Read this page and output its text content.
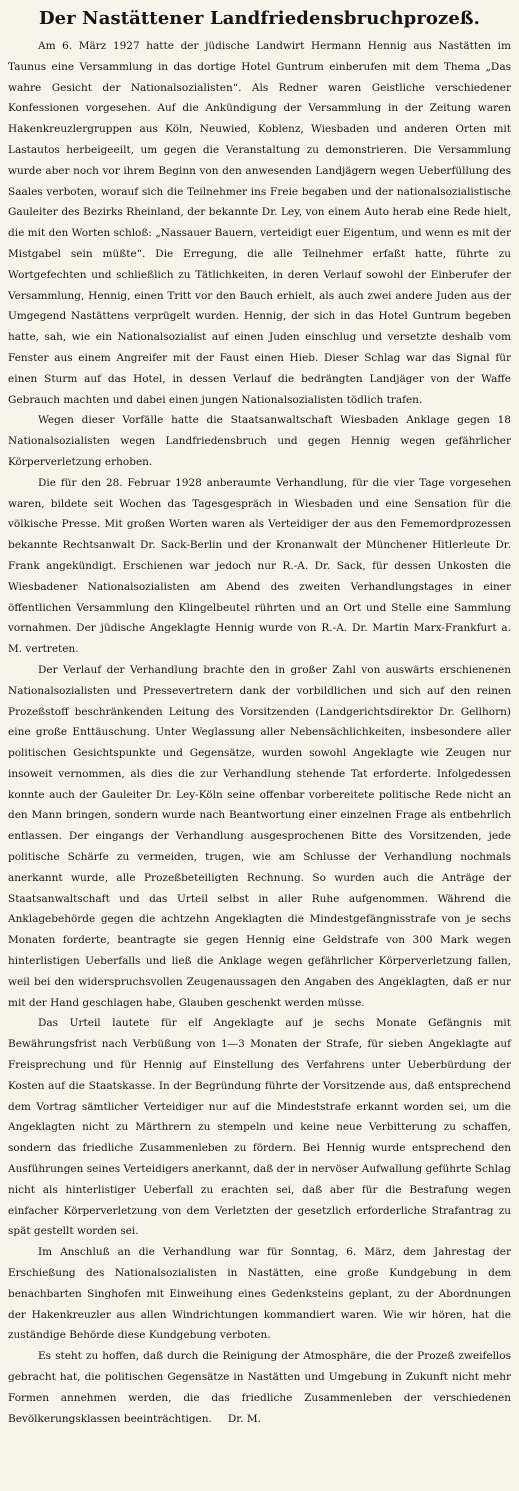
Der Nastättener Landfriedensbruchprozeß.

Am 6. März 1927 hatte der jüdische Landwirt Hermann Hennig aus Nastätten im Taunus eine Versammlung in das dortige Hotel Guntrum einberufen mit dem Thema „Das wahre Gesicht der Nationalsozialisten“. Als Redner waren Geistliche verschiedener Konfessionen vorgesehen. Auf die Ankündigung der Versammlung in der Zeitung waren Hakenkreuzlergruppen aus Köln, Neuwied, Koblenz, Wiesbaden und anderen Orten mit Lastautos herbeigeeilt, um gegen die Veranstaltung zu demonstrieren. Die Versammlung wurde aber noch vor ihrem Beginn von den anwesenden Landjägern wegen Ueberfüllung des Saales verboten, worauf sich die Teilnehmer ins Freie begaben und der nationalsozialistische Gauleiter des Bezirks Rheinland, der bekannte Dr. Ley, von einem Auto herab eine Rede hielt, die mit den Worten schloß: „Nassauer Bauern, verteidigt euer Eigentum, und wenn es mit der Mistgabel sein müßte“. Die Erregung, die alle Teilnehmer erfaßt hatte, führte zu Wortgefechten und schließlich zu Tätlichkeiten, in deren Verlauf sowohl der Einberufer der Versammlung, Hennig, einen Tritt vor den Bauch erhielt, als auch zwei andere Juden aus der Umgegend Nastättens verprügelt wurden. Hennig, der sich in das Hotel Guntrum begeben hatte, sah, wie ein Nationalsozialist auf einen Juden einschlug und versetzte deshalb vom Fenster aus einem Angreifer mit der Faust einen Hieb. Dieser Schlag war das Signal für einen Sturm auf das Hotel, in dessen Verlauf die bedrängten Landjäger von der Waffe Gebrauch machten und dabei einen jungen Nationalsozialisten tödlich trafen.

Wegen dieser Vorfälle hatte die Staatsanwaltschaft Wiesbaden Anklage gegen 18 Nationalsozialisten wegen Landfriedensbruch und gegen Hennig wegen gefährlicher Körperverletzung erhoben.

Die für den 28. Februar 1928 anberaumte Verhandlung, für die vier Tage vorgesehen waren, bildete seit Wochen das Tagesgespräch in Wiesbaden und eine Sensation für die völkische Presse. Mit großen Worten waren als Verteidiger der aus den Fememordprozessen bekannte Rechtsanwalt Dr. Sack-Berlin und der Kronanwalt der Münchener Hitlerleute Dr. Frank angekündigt. Erschienen war jedoch nur R.-A. Dr. Sack, für dessen Unkosten die Wiesbadener Nationalsozialisten am Abend des zweiten Verhandlungstages in einer öffentlichen Versammlung den Klingelbeutel rührten und an Ort und Stelle eine Sammlung vornahmen. Der jüdische Angeklagte Hennig wurde von R.-A. Dr. Martin Marx-Frankfurt a. M. vertreten.

Der Verlauf der Verhandlung brachte den in großer Zahl von auswärts erschienenen Nationalsozialisten und Pressevertretern dank der vorbildlichen und sich auf den reinen Prozeßstoff beschränkenden Leitung des Vorsitzenden (Landgerichtsdirektor Dr. Gellhorn) eine große Enttäuschung. Unter Weglassung aller Nebensächlichkeiten, insbesondere aller politischen Gesichtspunkte und Gegensätze, wurden sowohl Angeklagte wie Zeugen nur insoweit vernommen, als dies die zur Verhandlung stehende Tat erforderte. Infolgedessen konnte auch der Gauleiter Dr. Ley-Köln seine offenbar vorbereitete politische Rede nicht an den Mann bringen, sondern wurde nach Beantwortung einer einzelnen Frage als entbehrlich entlassen. Der eingangs der Verhandlung ausgesprochenen Bitte des Vorsitzenden, jede politische Schärfe zu vermeiden, trugen, wie am Schlusse der Verhandlung nochmals anerkannt wurde, alle Prozeßbeteiligten Rechnung. So wurden auch die Anträge der Staatsanwaltschaft und das Urteil selbst in aller Ruhe aufgenommen. Während die Anklagebehörde gegen die achtzehn Angeklagten die Mindestgefängnisstrafe von je sechs Monaten forderte, beantragte sie gegen Hennig eine Geldstrafe von 300 Mark wegen hinterlistigen Ueberfalls und ließ die Anklage wegen gefährlicher Körperverletzung fallen, weil bei den widerspruchsvollen Zeugenaussagen den Angaben des Angeklagten, daß er nur mit der Hand geschlagen habe, Glauben geschenkt werden müsse.

Das Urteil lautete für elf Angeklagte auf je sechs Monate Gefängnis mit Bewährungsfrist nach Verbüßung von 1—3 Monaten der Strafe, für sieben Angeklagte auf Freisprechung und für Hennig auf Einstellung des Verfahrens unter Ueberbürdung der Kosten auf die Staatskasse. In der Begründung führte der Vorsitzende aus, daß entsprechend dem Vortrag sämtlicher Verteidiger nur auf die Mindeststrafe erkannt worden sei, um die Angeklagten nicht zu Märthrern zu stempeln und keine neue Verbitterung zu schaffen, sondern das friedliche Zusammenleben zu fördern. Bei Hennig wurde entsprechend den Ausführungen seines Verteidigers anerkannt, daß der in nervöser Aufwallung geführte Schlag nicht als hinterlistiger Ueberfall zu erachten sei, daß aber für die Bestrafung wegen einfacher Körperverletzung von dem Verletzten der gesetzlich erforderliche Strafantrag zu spät gestellt worden sei.

Im Anschluß an die Verhandlung war für Sonntag, 6. März, dem Jahrestag der Erschießung des Nationalsozialisten in Nastätten, eine große Kundgebung in dem benachbarten Singhofen mit Einweihung eines Gedenksteins geplant, zu der Abordnungen der Hakenkreuzler aus allen Windrichtungen kommandiert waren. Wie wir hören, hat die zuständige Behörde diese Kundgebung verboten.

Es steht zu hoffen, daß durch die Reinigung der Atmosphäre, die der Prozeß zweifellos gebracht hat, die politischen Gegensätze in Nastätten und Umgebung in Zukunft nicht mehr Formen annehmen werden, die das friedliche Zusammenleben der verschiedenen Bevölkerungsklassen beeinträchtigen. Dr. M.
